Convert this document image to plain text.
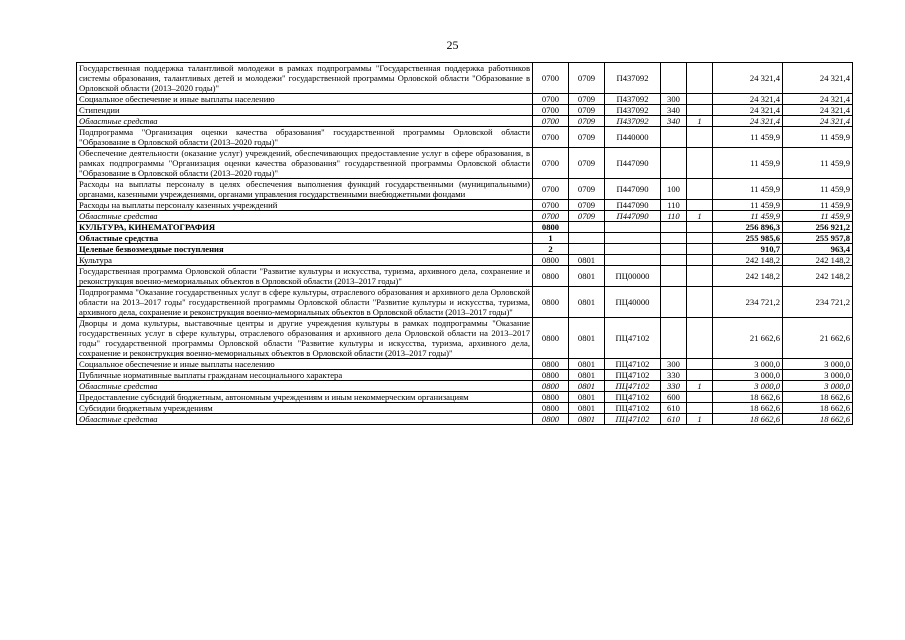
25
Государственная поддержка талантливой молодежи в рамках подпрограммы "Государственная поддержка работников системы образования, талантливых детей и молодежи" государственной программы Орловской области "Образование в Орловской области (2013–2020 годы)"	0700	0709	П437092			24 321,4	24 321,4
Социальное обеспечение и иные выплаты населению	0700	0709	П437092	300		24 321,4	24 321,4
Стипендии	0700	0709	П437092	340		24 321,4	24 321,4
Областные средства	0700	0709	П437092	340	1	24 321,4	24 321,4
Подпрограмма "Организация оценки качества образования" государственной программы Орловской области "Образование в Орловской области (2013–2020 годы)"	0700	0709	П440000			11 459,9	11 459,9
Обеспечение деятельности (оказание услуг) учреждений, обеспечивающих предоставление услуг в сфере образования, в рамках подпрограммы "Организация оценки качества образования" государственной программы Орловской области "Образование в Орловской области (2013–2020 годы)"	0700	0709	П447090			11 459,9	11 459,9
Расходы на выплаты персоналу в целях обеспечения выполнения функций государственными (муниципальными) органами, казенными учреждениями, органами управления государственными внебюджетными фондами	0700	0709	П447090	100		11 459,9	11 459,9
Расходы на выплаты персоналу казенных учреждений	0700	0709	П447090	110		11 459,9	11 459,9
Областные средства	0700	0709	П447090	110	1	11 459,9	11 459,9
КУЛЬТУРА, КИНЕМАТОГРАФИЯ	0800					256 896,3	256 921,2
Областные средства	1					255 985,6	255 957,8
Целевые безвозмездные поступления	2					910,7	963,4
Культура	0800	0801				242 148,2	242 148,2
Государственная программа Орловской области "Развитие культуры и искусства, туризма, архивного дела, сохранение и реконструкция военно-мемориальных объектов в Орловской области (2013–2017 годы)"	0800	0801	ПЦ00000			242 148,2	242 148,2
Подпрограмма "Оказание государственных услуг в сфере культуры, отраслевого образования и архивного дела Орловской области на 2013–2017 годы" государственной программы Орловской области "Развитие культуры и искусства, туризма, архивного дела, сохранение и реконструкция военно-мемориальных объектов в Орловской области (2013–2017 годы)"	0800	0801	ПЦ40000			234 721,2	234 721,2
Дворцы и дома культуры, выставочные центры и другие учреждения культуры в рамках подпрограммы "Оказание государственных услуг в сфере культуры, отраслевого образования и архивного дела Орловской области на 2013–2017 годы" государственной программы Орловской области "Развитие культуры и искусства, туризма, архивного дела, сохранение и реконструкция военно-мемориальных объектов в Орловской области (2013–2017 годы)"	0800	0801	ПЦ47102			21 662,6	21 662,6
Социальное обеспечение и иные выплаты населению	0800	0801	ПЦ47102	300		3 000,0	3 000,0
Публичные нормативные выплаты гражданам несоциального характера	0800	0801	ПЦ47102	330		3 000,0	3 000,0
Областные средства	0800	0801	ПЦ47102	330	1	3 000,0	3 000,0
Предоставление субсидий бюджетным, автономным учреждениям и иным некоммерческим организациям	0800	0801	ПЦ47102	600		18 662,6	18 662,6
Субсидии бюджетным учреждениям	0800	0801	ПЦ47102	610		18 662,6	18 662,6
Областные средства	0800	0801	ПЦ47102	610	1	18 662,6	18 662,6
